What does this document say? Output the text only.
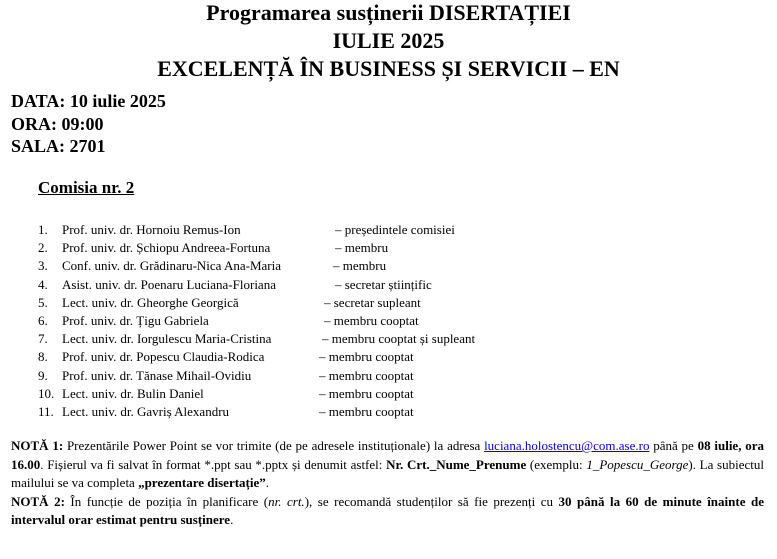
Programarea susținerii DISERTAȚIEI
IULIE 2025
EXCELENȚĂ ÎN BUSINESS ȘI SERVICII – EN
DATA: 10 iulie 2025
ORA: 09:00
SALA: 2701
Comisia nr. 2
1. Prof. univ. dr. Hornoiu Remus-Ion	– președintele comisiei
2. Prof. univ. dr. Șchiopu Andreea-Fortuna	– membru
3. Conf. univ. dr. Grădinaru-Nica Ana-Maria	– membru
4. Asist. univ. dr. Poenaru Luciana-Floriana	– secretar științific
5. Lect. univ. dr. Gheorghe Georgică	– secretar supleant
6. Prof. univ. dr. Țigu Gabriela	– membru cooptat
7. Lect. univ. dr. Iorgulescu Maria-Cristina	– membru cooptat și supleant
8. Prof. univ. dr. Popescu Claudia-Rodica	– membru cooptat
9. Prof. univ. dr. Tănase Mihail-Ovidiu	– membru cooptat
10. Lect. univ. dr. Bulin Daniel	– membru cooptat
11. Lect. univ. dr. Gavriș Alexandru	– membru cooptat

NOTĂ 1: Prezentările Power Point se vor trimite (de pe adresele instituționale) la adresa luciana.holostencu@com.ase.ro până pe 08 iulie, ora 16.00. Fișierul va fi salvat în format *.ppt sau *.pptx și denumit astfel: Nr. Crt._Nume_Prenume (exemplu: 1_Popescu_George). La subiectul mailului se va completa „prezentare disertație”.

NOTĂ 2: În funcție de poziția în planificare (nr. crt.), se recomandă studenților să fie prezenți cu 30 până la 60 de minute înainte de intervalul orar estimat pentru susținere.
